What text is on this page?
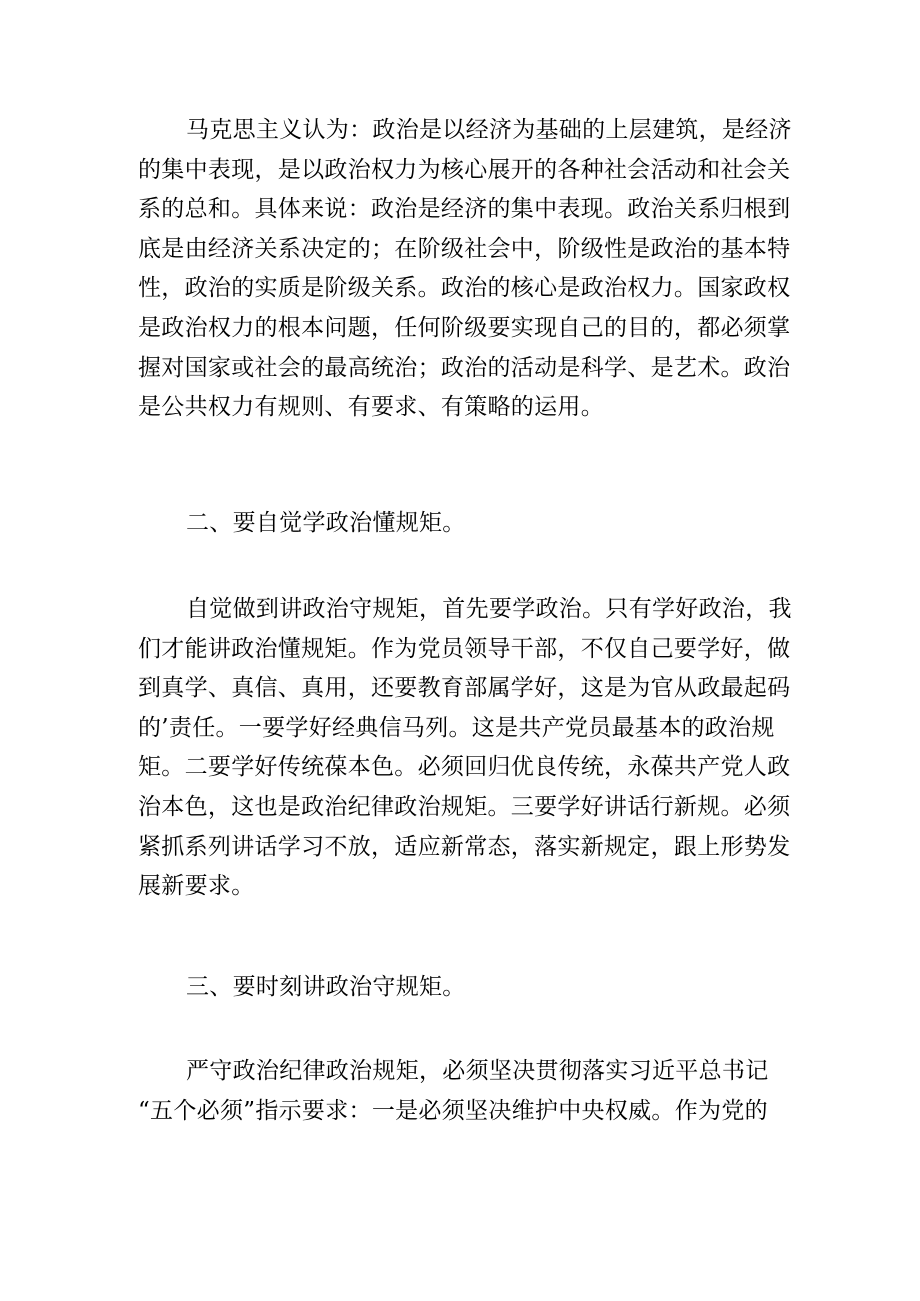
马克思主义认为：政治是以经济为基础的上层建筑，是经济
的集中表现，是以政治权力为核心展开的各种社会活动和社会关
系的总和。具体来说：政治是经济的集中表现。政治关系归根到
底是由经济关系决定的；在阶级社会中，阶级性是政治的基本特
性，政治的实质是阶级关系。政治的核心是政治权力。国家政权
是政治权力的根本问题，任何阶级要实现自己的目的，都必须掌
握对国家或社会的最高统治；政治的活动是科学、是艺术。政治
是公共权力有规则、有要求、有策略的运用。
二、要自觉学政治懂规矩。
自觉做到讲政治守规矩，首先要学政治。只有学好政治，我
们才能讲政治懂规矩。作为党员领导干部，不仅自己要学好，做
到真学、真信、真用，还要教育部属学好，这是为官从政最起码
的’责任。一要学好经典信马列。这是共产党员最基本的政治规
矩。二要学好传统葆本色。必须回归优良传统，永葆共产党人政
治本色，这也是政治纪律政治规矩。三要学好讲话行新规。必须
紧抓系列讲话学习不放，适应新常态，落实新规定，跟上形势发
展新要求。
三、要时刻讲政治守规矩。
严守政治纪律政治规矩，必须坚决贯彻落实习近平总书记
“五个必须”指示要求：一是必须坚决维护中央权威。作为党的
